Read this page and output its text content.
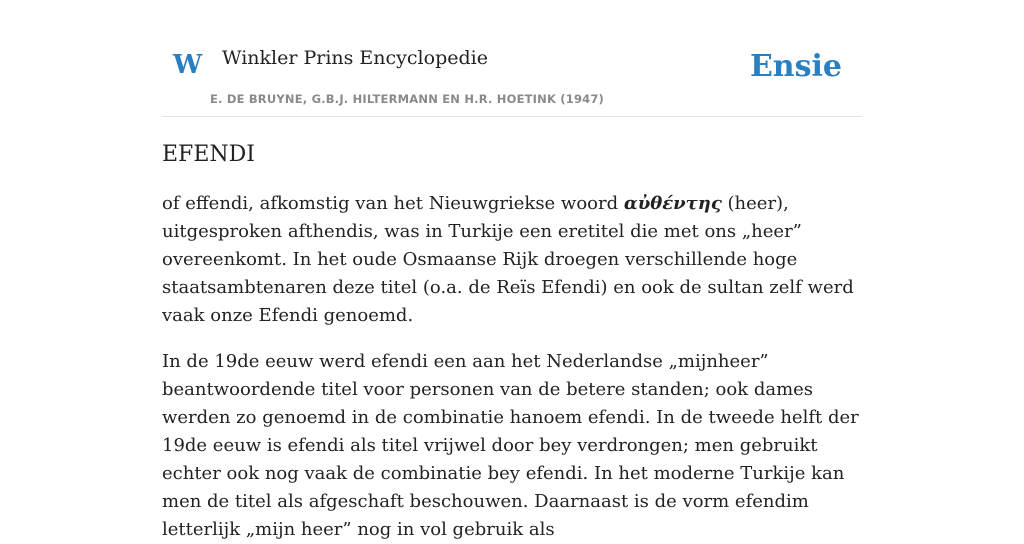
W Winkler Prins Encyclopedie
E. DE BRUYNE, G.B.J. HILTERMANN EN H.R. HOETINK (1947)
Ensie
EFENDI

of effendi, afkomstig van het Nieuwgriekse woord αὐθέντης (heer), uitgesproken afthendis, was in Turkije een eretitel die met ons „heer” overeenkomt. In het oude Osmaanse Rijk droegen verschillende hoge staatsambtenaren deze titel (o.a. de Reïs Efendi) en ook de sultan zelf werd vaak onze Efendi genoemd.

In de 19de eeuw werd efendi een aan het Nederlandse „mijnheer” beantwoordende titel voor personen van de betere standen; ook dames werden zo genoemd in de combinatie hanoem efendi. In de tweede helft der 19de eeuw is efendi als titel vrijwel door bey verdrongen; men gebruikt echter ook nog vaak de combinatie bey efendi. In het moderne Turkije kan men de titel als afgeschaft beschouwen. Daarnaast is de vorm efendim letterlijk „mijn heer” nog in vol gebruik als
